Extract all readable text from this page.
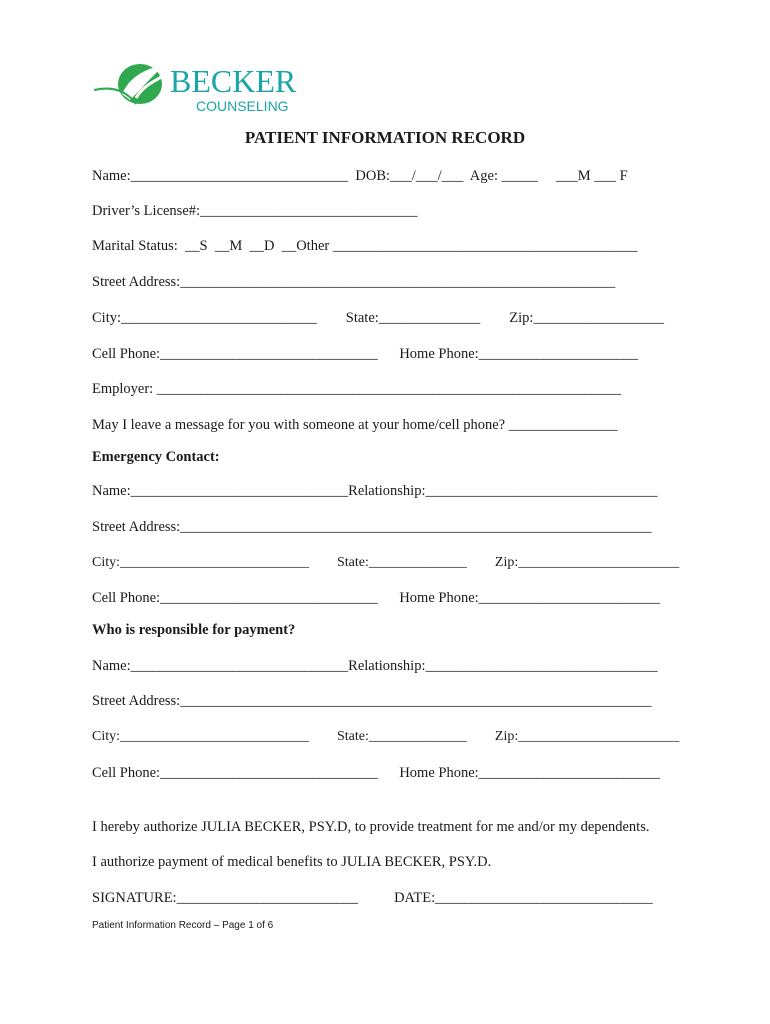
BECKER
COUNSELING
PATIENT INFORMATION RECORD
Name:______________________________  DOB:___/___/___  Age: _____     ___M ___ F
Driver’s License#:______________________________
Marital Status:  __S  __M  __D  __Other __________________________________________
Street Address:____________________________________________________________
City:___________________________        State:______________        Zip:__________________
Cell Phone:______________________________      Home Phone:______________________
Employer: ________________________________________________________________
May I leave a message for you with someone at your home/cell phone? _______________
Emergency Contact:
Name:______________________________Relationship:________________________________
Street Address:_________________________________________________________________
City:___________________________        State:______________        Zip:_______________________
Cell Phone:______________________________      Home Phone:_________________________
Who is responsible for payment?
Name:______________________________Relationship:________________________________
Street Address:_________________________________________________________________
City:___________________________        State:______________        Zip:_______________________
Cell Phone:______________________________      Home Phone:_________________________
I hereby authorize JULIA BECKER, PSY.D, to provide treatment for me and/or my dependents.
I authorize payment of medical benefits to JULIA BECKER, PSY.D.
SIGNATURE:_________________________          DATE:______________________________
Patient Information Record – Page 1 of 6
